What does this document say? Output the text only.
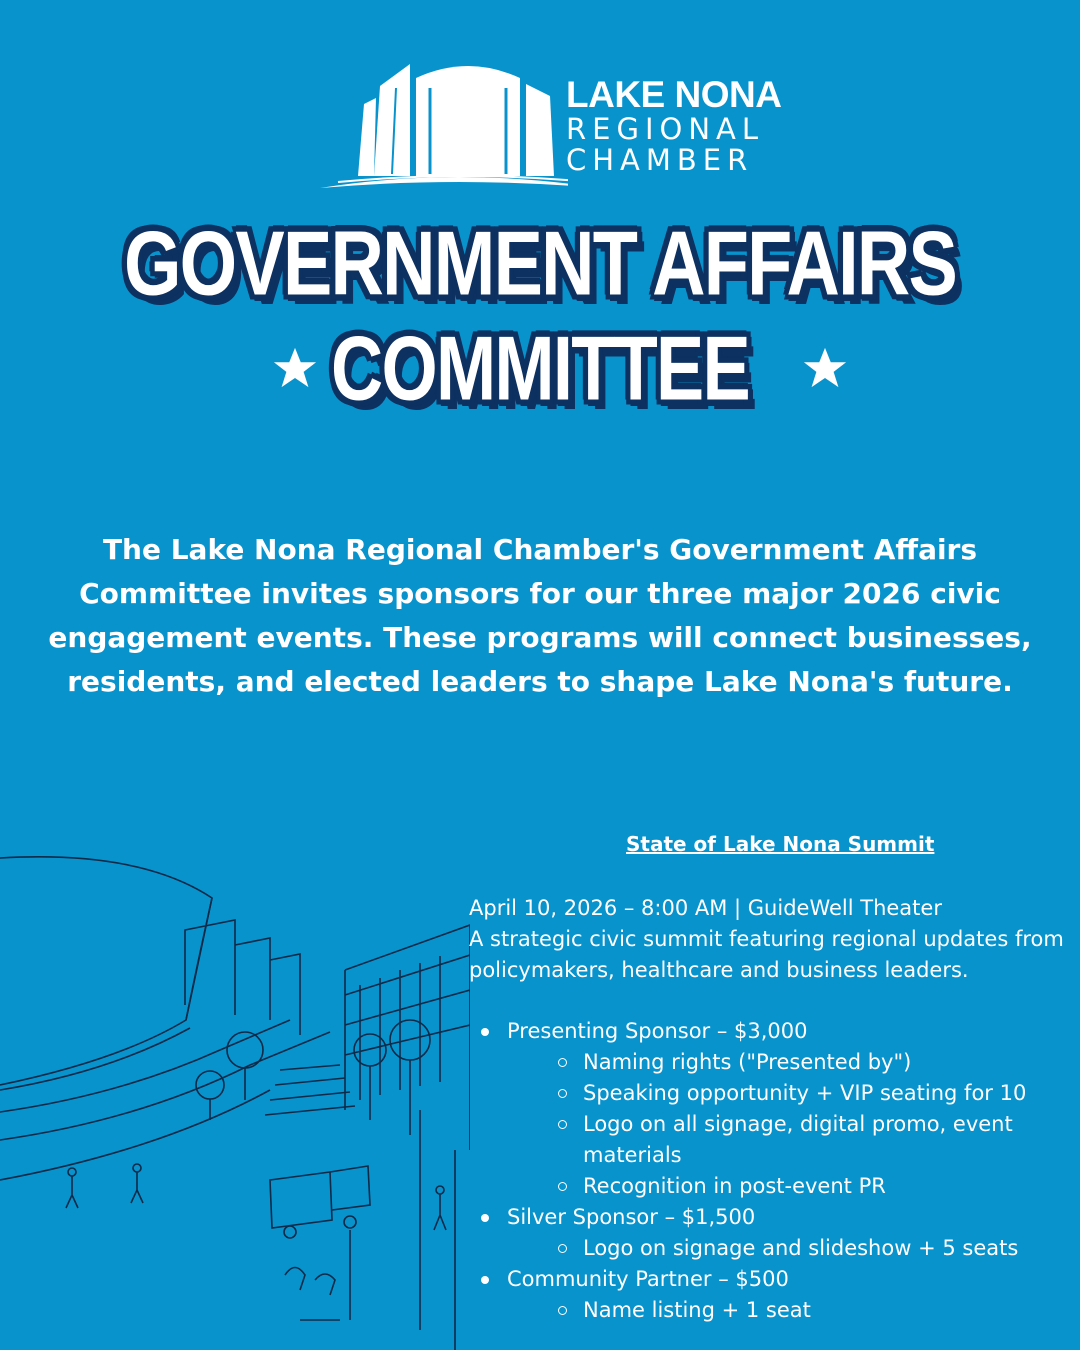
LAKE NONA
REGIONAL
CHAMBER
GOVERNMENT AFFAIRS
COMMITTEE

The Lake Nona Regional Chamber's Government Affairs Committee invites sponsors for our three major 2026 civic engagement events. These programs will connect businesses, residents, and elected leaders to shape Lake Nona's future.

State of Lake Nona Summit
April 10, 2026 – 8:00 AM | GuideWell Theater
A strategic civic summit featuring regional updates from policymakers, healthcare and business leaders.
Presenting Sponsor – $3,000
Naming rights ("Presented by")
Speaking opportunity + VIP seating for 10
Logo on all signage, digital promo, event materials
Recognition in post-event PR
Silver Sponsor – $1,500
Logo on signage and slideshow + 5 seats
Community Partner – $500
Name listing + 1 seat
